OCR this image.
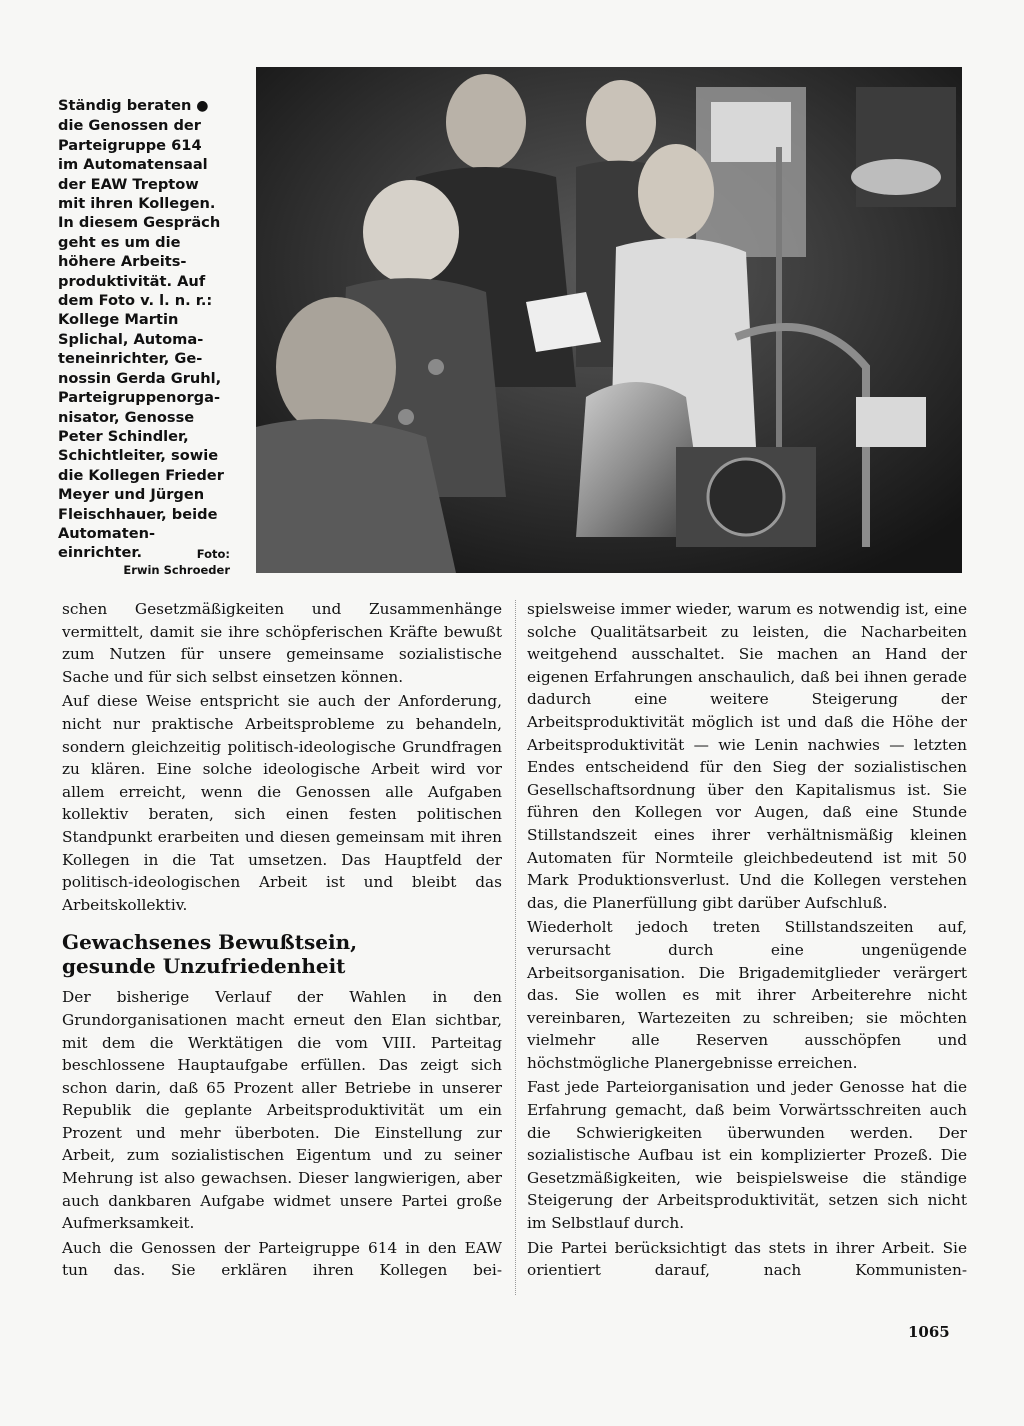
Ständig beraten ●
die Genossen der
Parteigruppe 614
im Automatensaal
der EAW Treptow
mit ihren Kollegen.
In diesem Gespräch
geht es um die
höhere Arbeits-
produktivität. Auf
dem Foto v. l. n. r.:
Kollege Martin
Splichal, Automa-
teneinrichter, Ge-
nossin Gerda Gruhl,
Parteigruppenorga-
nisator, Genosse
Peter Schindler,
Schichtleiter, sowie
die Kollegen Frieder
Meyer und Jürgen
Fleischhauer, beide
Automaten-
einrichter.	Foto:
Erwin Schroeder

schen Gesetzmäßigkeiten und Zusammenhänge vermittelt, damit sie ihre schöpferischen Kräfte bewußt zum Nutzen für unsere gemeinsame sozialistische Sache und für sich selbst einsetzen können.

Auf diese Weise entspricht sie auch der Anforderung, nicht nur praktische Arbeitsprobleme zu behandeln, sondern gleichzeitig politisch-ideologische Grundfragen zu klären. Eine solche ideologische Arbeit wird vor allem erreicht, wenn die Genossen alle Aufgaben kollektiv beraten, sich einen festen politischen Standpunkt erarbeiten und diesen gemeinsam mit ihren Kollegen in die Tat umsetzen. Das Hauptfeld der politisch-ideologischen Arbeit ist und bleibt das Arbeitskollektiv.

Gewachsenes Bewußtsein,
gesunde Unzufriedenheit

Der bisherige Verlauf der Wahlen in den Grundorganisationen macht erneut den Elan sichtbar, mit dem die Werktätigen die vom VIII. Parteitag beschlossene Hauptaufgabe erfüllen. Das zeigt sich schon darin, daß 65 Prozent aller Betriebe in unserer Republik die geplante Arbeitsproduktivität um ein Prozent und mehr überboten. Die Einstellung zur Arbeit, zum sozialistischen Eigentum und zu seiner Mehrung ist also gewachsen. Dieser langwierigen, aber auch dankbaren Aufgabe widmet unsere Partei große Aufmerksamkeit.

Auch die Genossen der Parteigruppe 614 in den EAW tun das. Sie erklären ihren Kollegen bei-

spielsweise immer wieder, warum es notwendig ist, eine solche Qualitätsarbeit zu leisten, die Nacharbeiten weitgehend ausschaltet. Sie machen an Hand der eigenen Erfahrungen anschaulich, daß bei ihnen gerade dadurch eine weitere Steigerung der Arbeitsproduktivität möglich ist und daß die Höhe der Arbeitsproduktivität — wie Lenin nachwies — letzten Endes entscheidend für den Sieg der sozialistischen Gesellschaftsordnung über den Kapitalismus ist. Sie führen den Kollegen vor Augen, daß eine Stunde Stillstandszeit eines ihrer verhältnismäßig kleinen Automaten für Normteile gleichbedeutend ist mit 50 Mark Produktionsverlust. Und die Kollegen verstehen das, die Planerfüllung gibt darüber Aufschluß.

Wiederholt jedoch treten Stillstandszeiten auf, verursacht durch eine ungenügende Arbeitsorganisation. Die Brigademitglieder verärgert das. Sie wollen es mit ihrer Arbeiterehre nicht vereinbaren, Wartezeiten zu schreiben; sie möchten vielmehr alle Reserven ausschöpfen und höchstmögliche Planergebnisse erreichen.

Fast jede Parteiorganisation und jeder Genosse hat die Erfahrung gemacht, daß beim Vorwärtsschreiten auch die Schwierigkeiten überwunden werden. Der sozialistische Aufbau ist ein komplizierter Prozeß. Die Gesetzmäßigkeiten, wie beispielsweise die ständige Steigerung der Arbeitsproduktivität, setzen sich nicht im Selbstlauf durch.

Die Partei berücksichtigt das stets in ihrer Arbeit. Sie orientiert darauf, nach Kommunisten-

1065
